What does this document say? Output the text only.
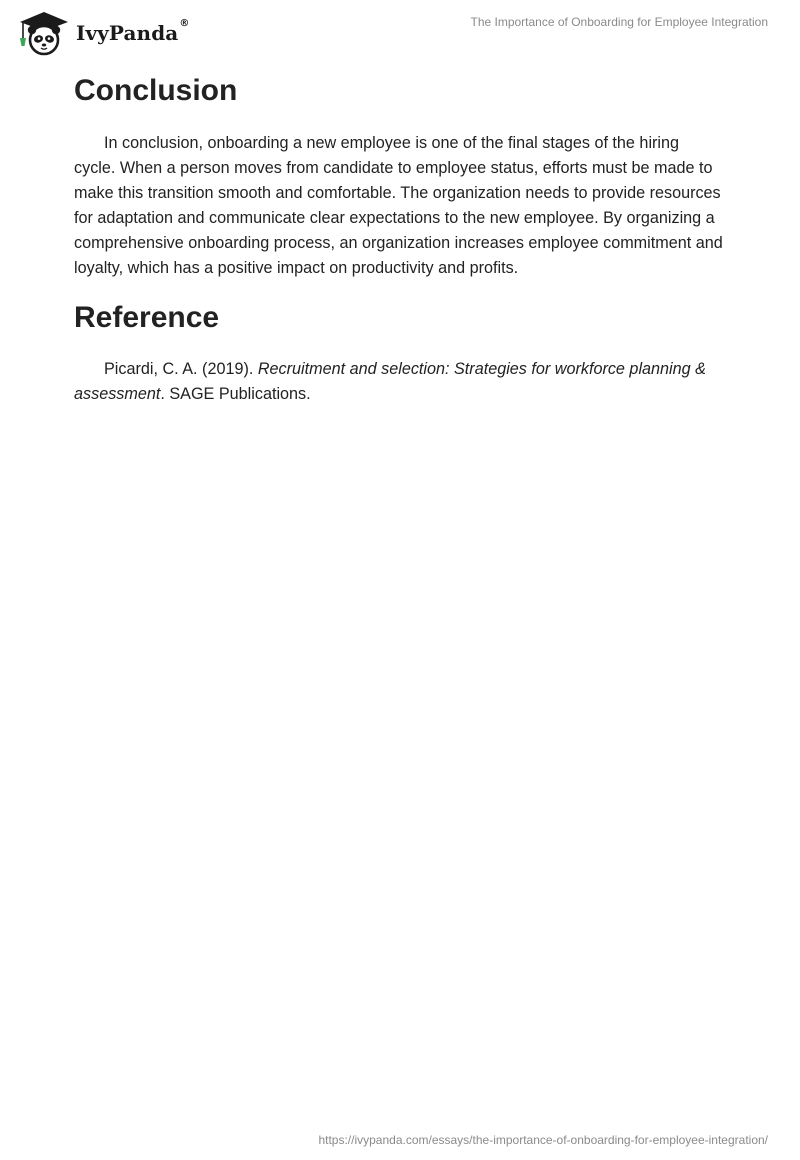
IvyPanda ®	The Importance of Onboarding for Employee Integration
Conclusion

In conclusion, onboarding a new employee is one of the final stages of the hiring cycle. When a person moves from candidate to employee status, efforts must be made to make this transition smooth and comfortable. The organization needs to provide resources for adaptation and communicate clear expectations to the new employee. By organizing a comprehensive onboarding process, an organization increases employee commitment and loyalty, which has a positive impact on productivity and profits.

Reference

Picardi, C. A. (2019). Recruitment and selection: Strategies for workforce planning & assessment. SAGE Publications.

https://ivypanda.com/essays/the-importance-of-onboarding-for-employee-integration/
